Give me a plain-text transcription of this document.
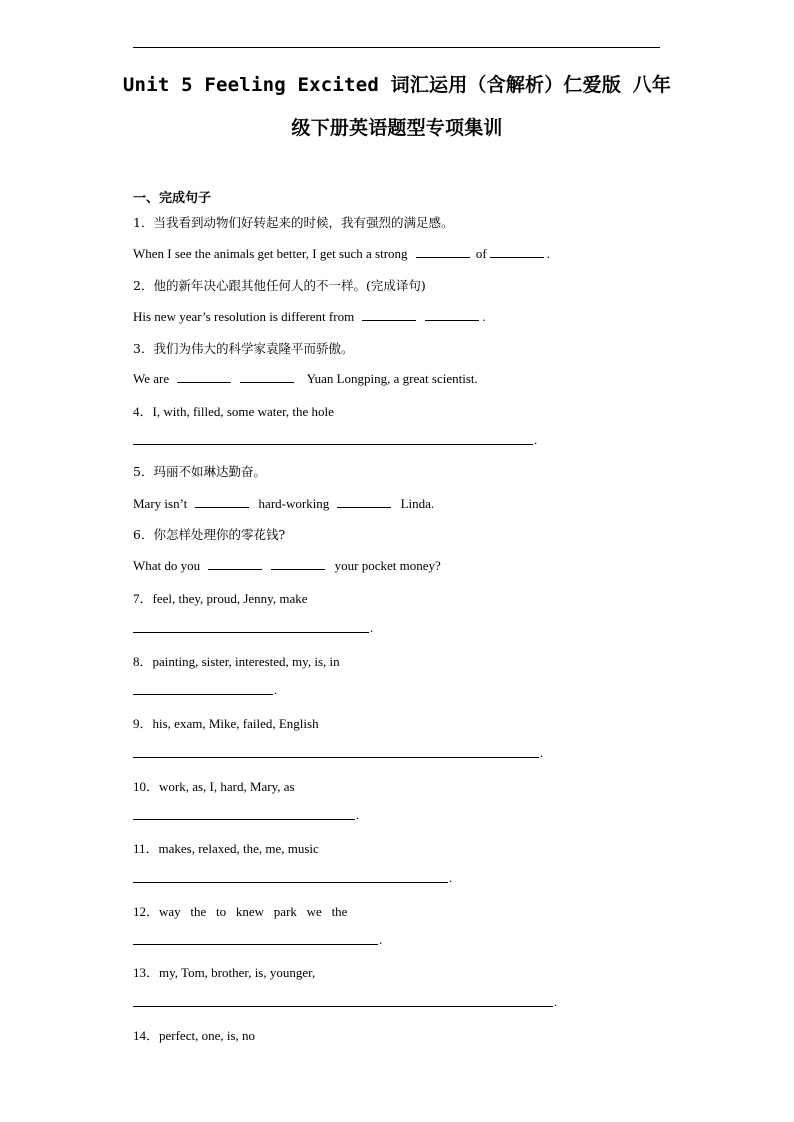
Unit 5 Feeling Excited 词汇运用（含解析）仁爱版 八年
级下册英语题型专项集训
一、完成句子
1．当我看到动物们好转起来的时候，我有强烈的满足感。
When I see the animals get better, I get such a strong	of	.
2．他的新年决心跟其他任何人的不一样。(完成译句)
His new year’s resolution is different from	.
3．我们为伟大的科学家袁隆平而骄傲。
We are	Yuan Longping, a great scientist.
4．I, with, filled, some water, the hole
.
5．玛丽不如琳达勤奋。
Mary isn’t	hard-working	Linda.
6．你怎样处理你的零花钱?
What do you	your pocket money?
7．feel, they, proud, Jenny, make
.
8．painting, sister, interested, my, is, in
.
9．his, exam, Mike, failed, English
.
10．work, as, I, hard, Mary, as
.
11．makes, relaxed, the, me, music
.
12．way   the   to   knew   park   we   the
.
13．my, Tom, brother, is, younger,
.
14．perfect, one, is, no
